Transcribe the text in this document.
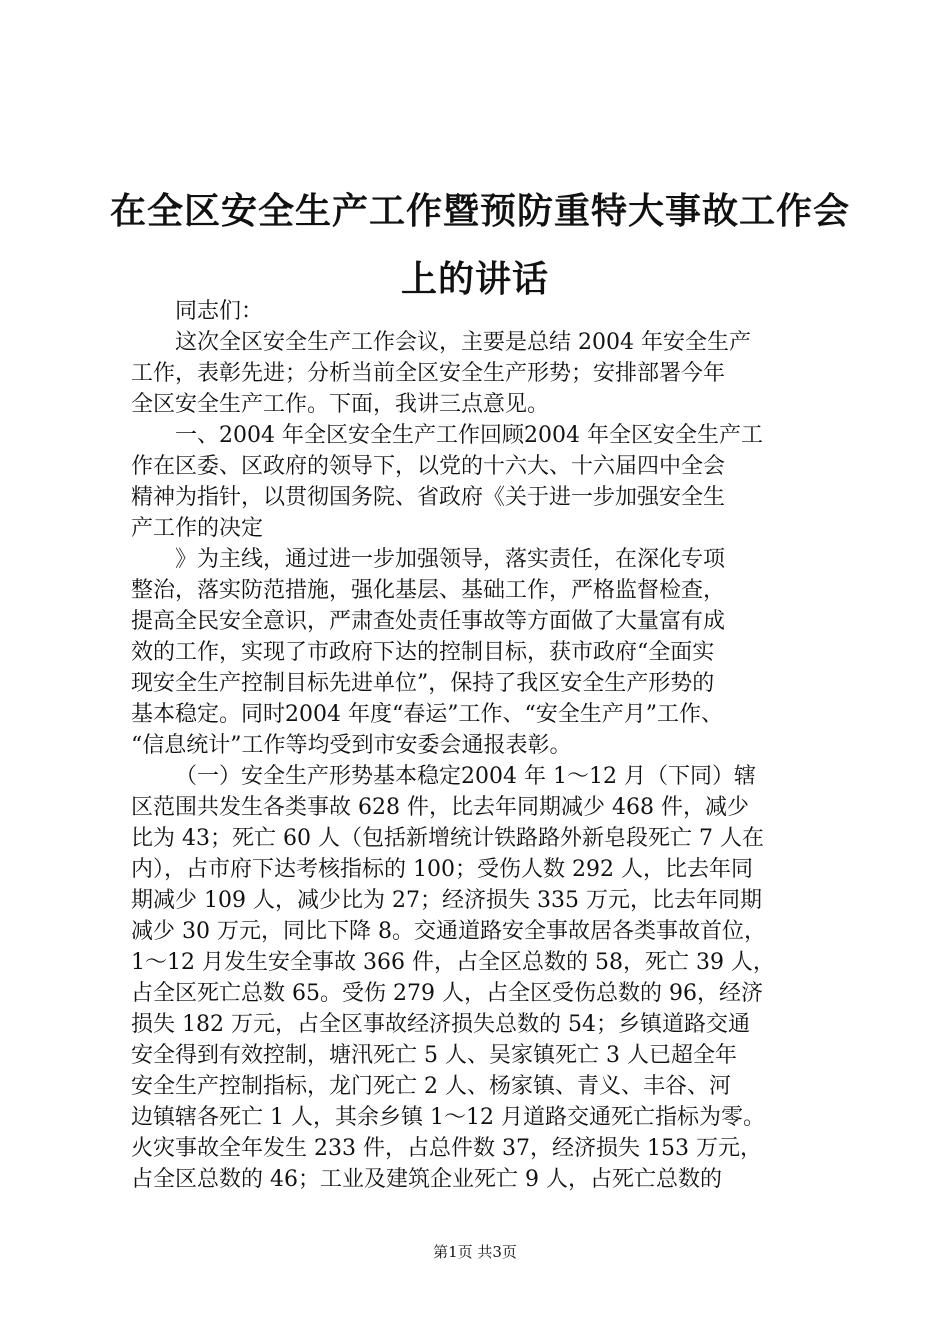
在全区安全生产工作暨预防重特大事故工作会
上的讲话
同志们：
这次全区安全生产工作会议，主要是总结 2004 年安全生产
工作，表彰先进；分析当前全区安全生产形势；安排部署今年
全区安全生产工作。下面，我讲三点意见。
一、2004 年全区安全生产工作回顾2004 年全区安全生产工
作在区委、区政府的领导下，以党的十六大、十六届四中全会
精神为指针，以贯彻国务院、省政府《关于进一步加强安全生
产工作的决定
》为主线，通过进一步加强领导，落实责任，在深化专项
整治，落实防范措施，强化基层、基础工作，严格监督检查，
提高全民安全意识，严肃查处责任事故等方面做了大量富有成
效的工作，实现了市政府下达的控制目标，获市政府“全面实
现安全生产控制目标先进单位”，保持了我区安全生产形势的
基本稳定。同时2004 年度“春运”工作、“安全生产月”工作、
“信息统计”工作等均受到市安委会通报表彰。
（一）安全生产形势基本稳定2004 年 1～12 月（下同）辖
区范围共发生各类事故 628 件，比去年同期减少 468 件，减少
比为 43；死亡 60 人（包括新增统计铁路路外新皂段死亡 7 人在
内），占市府下达考核指标的 100；受伤人数 292 人，比去年同
期减少 109 人，减少比为 27；经济损失 335 万元，比去年同期
减少 30 万元，同比下降 8。交通道路安全事故居各类事故首位，
1～12 月发生安全事故 366 件，占全区总数的 58，死亡 39 人，
占全区死亡总数 65。受伤 279 人，占全区受伤总数的 96，经济
损失 182 万元，占全区事故经济损失总数的 54；乡镇道路交通
安全得到有效控制，塘汛死亡 5 人、吴家镇死亡 3 人已超全年
安全生产控制指标，龙门死亡 2 人、杨家镇、青义、丰谷、河
边镇辖各死亡 1 人，其余乡镇 1～12 月道路交通死亡指标为零。
火灾事故全年发生 233 件，占总件数 37，经济损失 153 万元，
占全区总数的 46；工业及建筑企业死亡 9 人，占死亡总数的
第1页 共3页
